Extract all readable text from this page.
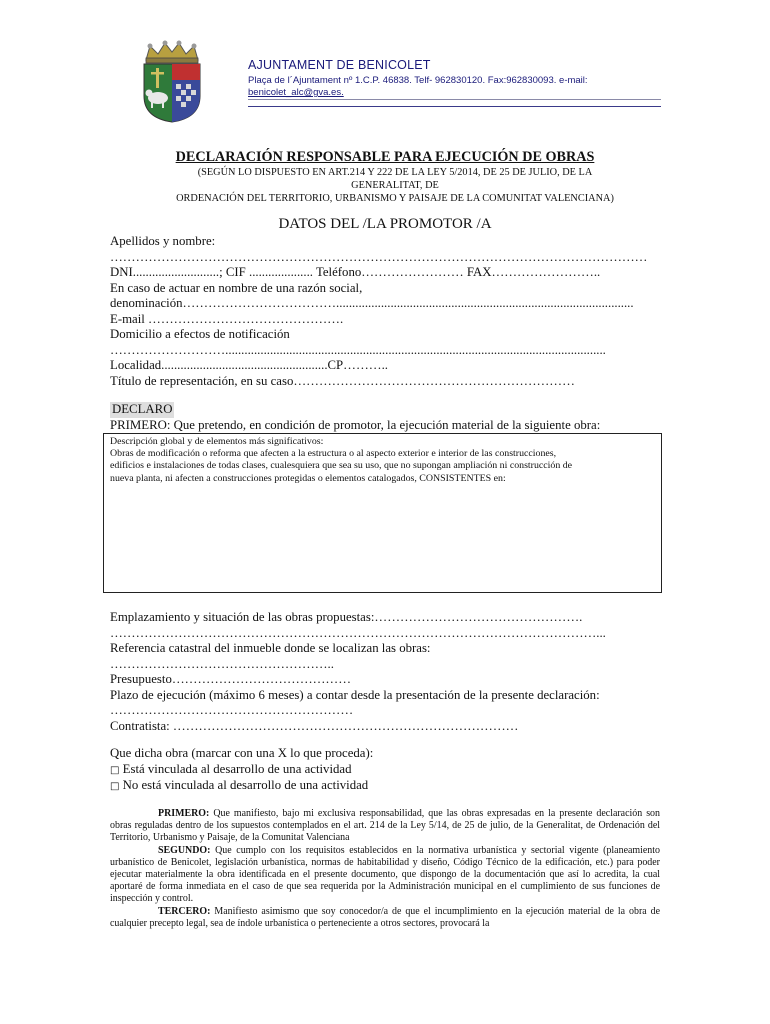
AJUNTAMENT DE BENICOLET
Plaça de l´Ajuntament nº 1.C.P. 46838. Telf- 962830120. Fax:962830093. e-mail:
benicolet_alc@gva.es.
DECLARACIÓN RESPONSABLE PARA EJECUCIÓN DE OBRAS
(SEGÚN LO DISPUESTO EN ART.214 Y 222 DE LA LEY 5/2014, DE 25 DE JULIO, DE LA
GENERALITAT, DE
ORDENACIÓN DEL TERRITORIO, URBANISMO Y PAISAJE DE LA COMUNITAT VALENCIANA)
DATOS DEL /LA PROMOTOR /A
Apellidos y nombre:
………………………………………………………………………………………………………………
DNI...........................; CIF .................... Teléfono…………………… FAX……………………..
En caso de actuar en nombre de una razón social,
denominación……………………………….............................................................................................
E-mail ……………………………………….
Domicilio a efectos de notificación
……………………….......................................................................................................................
Localidad....................................................CP………..
Título de representación, en su caso…………………………………………………………
DECLARO
PRIMERO: Que pretendo, en condición de promotor, la ejecución material de la siguiente obra:
Descripción global y de elementos más significativos:
Obras de modificación o reforma que afecten a la estructura o al aspecto exterior e interior de las construcciones,
edificios e instalaciones de todas clases, cualesquiera que sea su uso, que no supongan ampliación ni construcción de
nueva planta, ni afecten a construcciones protegidas o elementos catalogados, CONSISTENTES en:
Emplazamiento y situación de las obras propuestas:………………………………………….
……………………………………………………………………………………………………...
Referencia catastral del inmueble donde se localizan las obras:
……………………………………………..
Presupuesto……………………………………
Plazo de ejecución (máximo 6 meses) a contar desde la presentación de la presente declaración:
…………………………………………………
Contratista: ………………………………………………………………………
Que dicha obra (marcar con una X lo que proceda):
□ Está vinculada al desarrollo de una actividad
□ No está vinculada al desarrollo de una actividad

PRIMERO: Que manifiesto, bajo mi exclusiva responsabilidad, que las obras expresadas en la presente declaración son obras reguladas dentro de los supuestos contemplados en el art. 214 de la Ley 5/14, de 25 de julio, de la Generalitat, de Ordenación del Territorio, Urbanismo y Paisaje, de la Comunitat Valenciana

SEGUNDO: Que cumplo con los requisitos establecidos en la normativa urbanística y sectorial vigente (planeamiento urbanístico de Benicolet, legislación urbanística, normas de habitabilidad y diseño, Código Técnico de la edificación, etc.) para poder ejecutar materialmente la obra identificada en el presente documento, que dispongo de la documentación que así lo acredita, la cual aportaré de forma inmediata en el caso de que sea requerida por la Administración municipal en el cumplimiento de sus funciones de inspección y control.

TERCERO: Manifiesto asimismo que soy conocedor/a de que el incumplimiento en la ejecución material de la obra de cualquier precepto legal, sea de índole urbanística o perteneciente a otros sectores, provocará la
